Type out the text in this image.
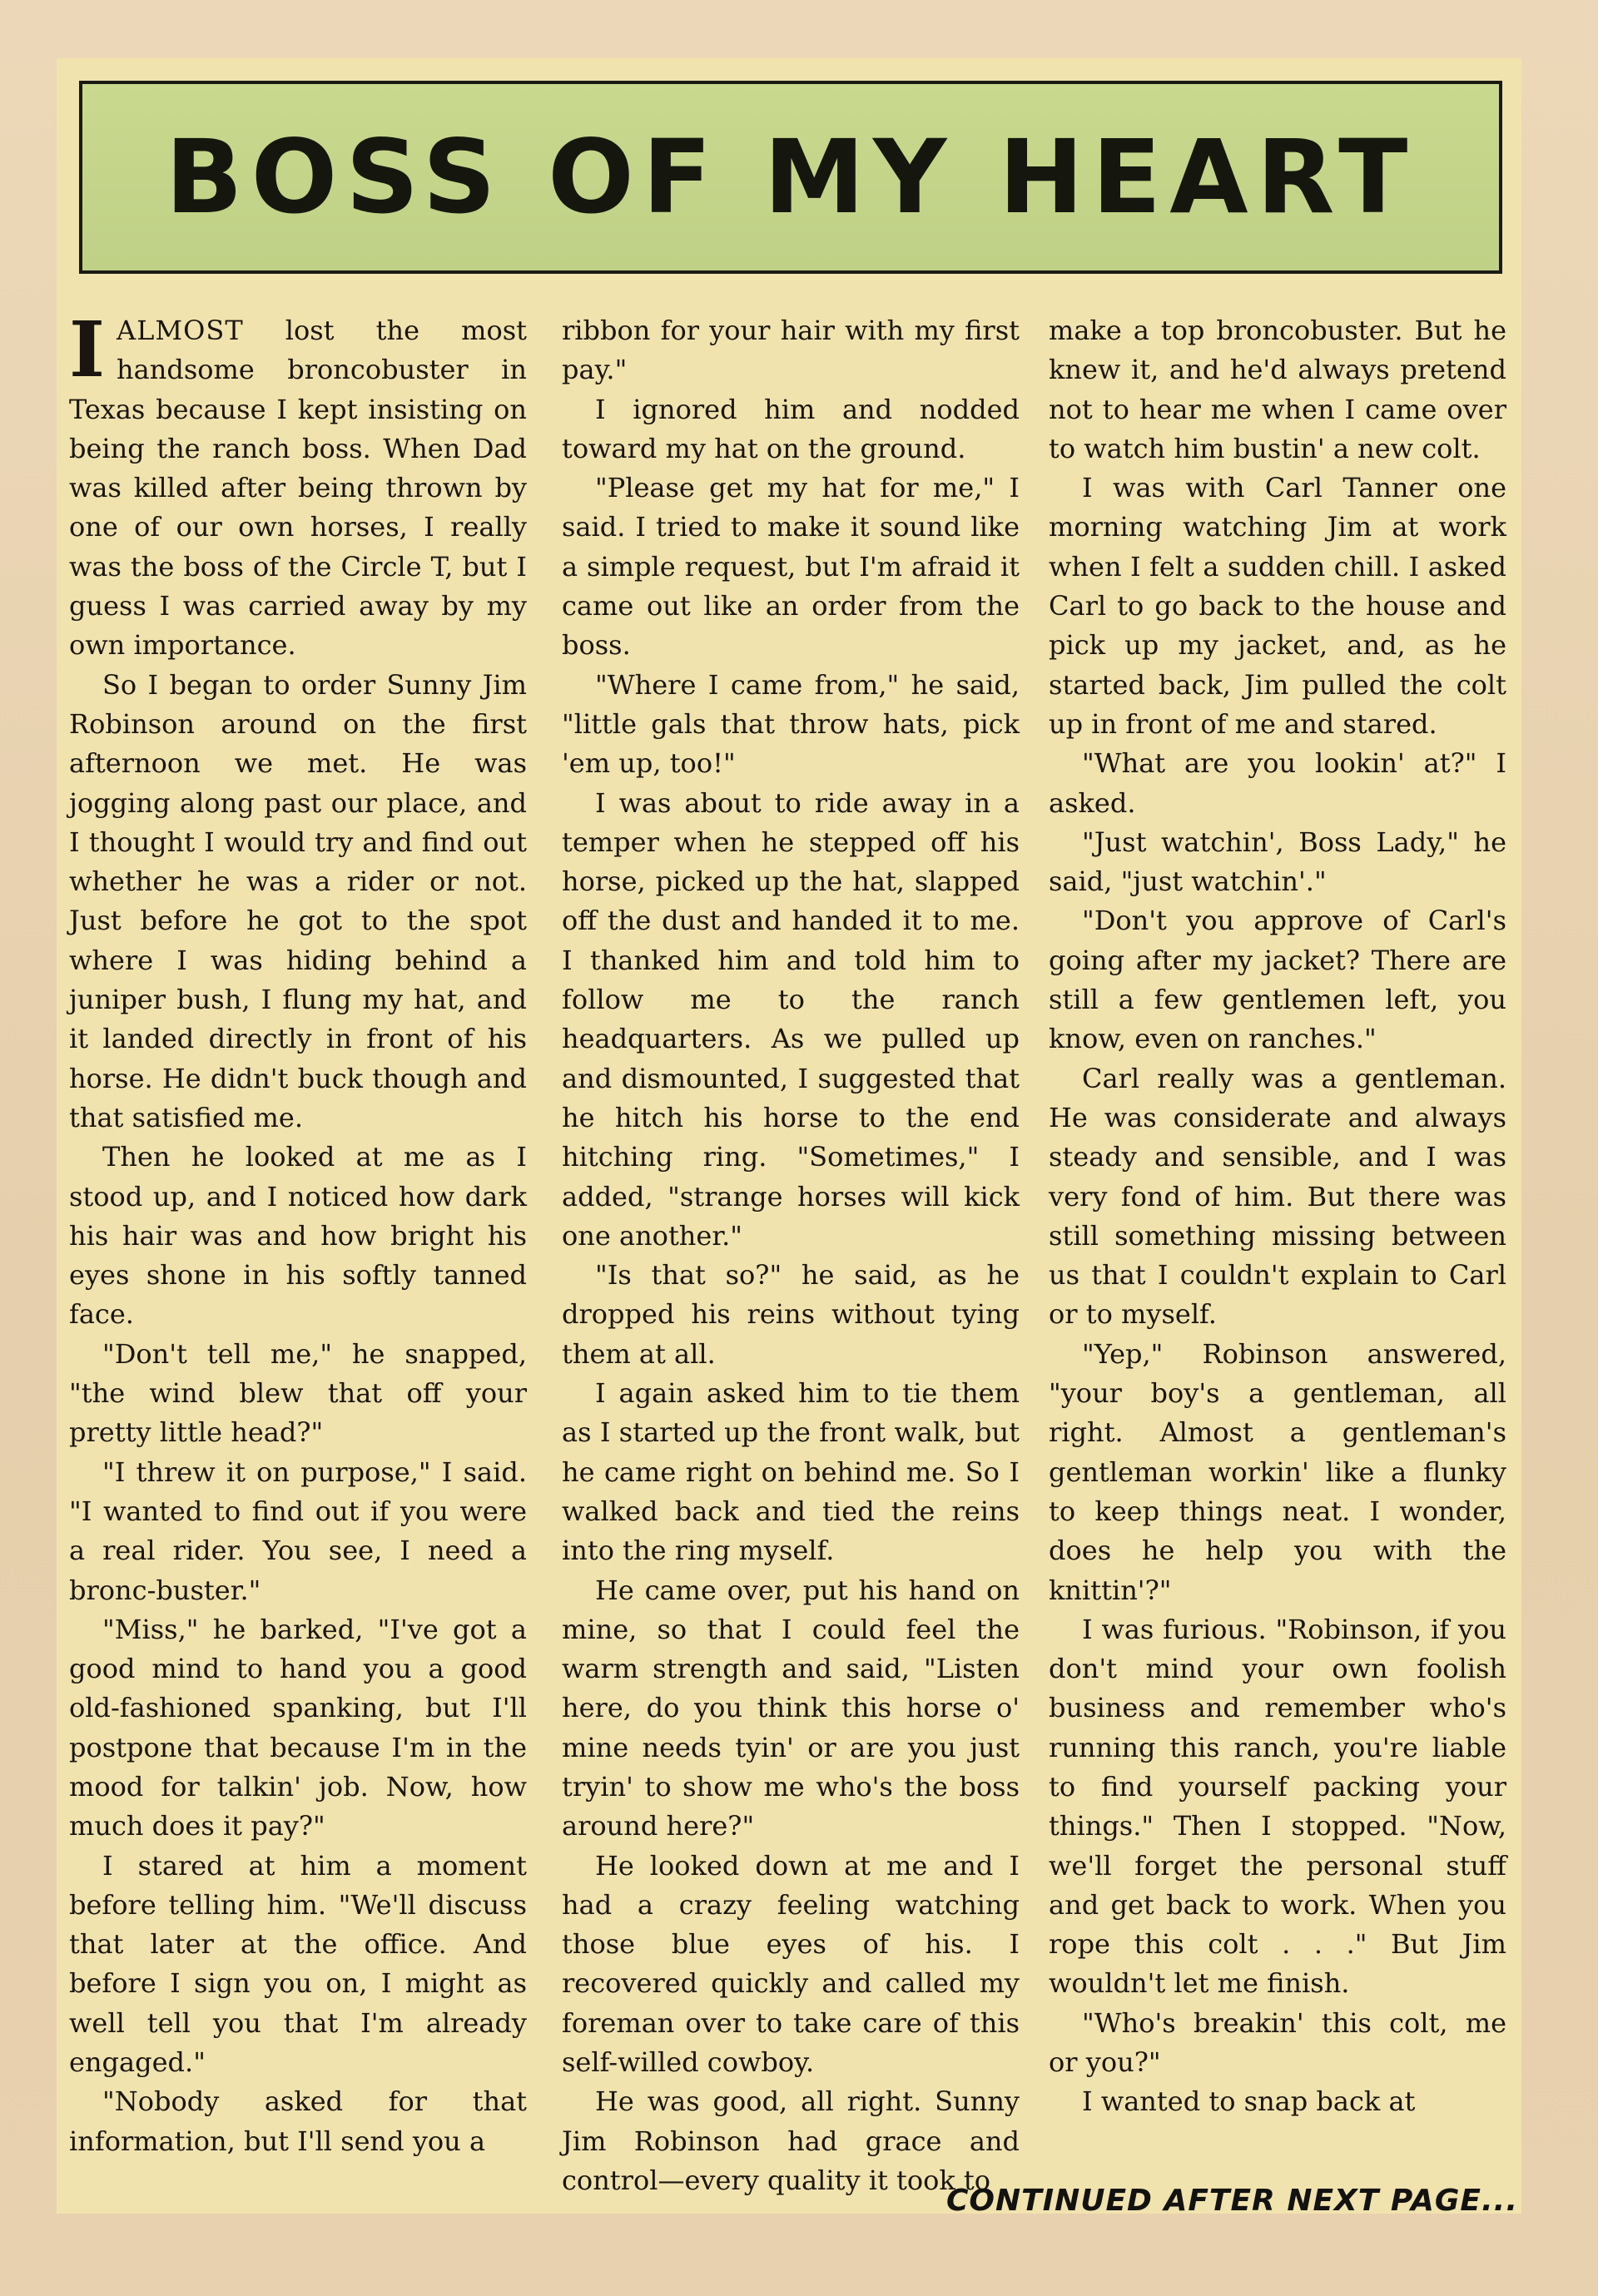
BOSS OF MY HEART

IALMOST lost the most handsome broncobuster in Texas because I kept insisting on being the ranch boss. When Dad was killed after being thrown by one of our own horses, I really was the boss of the Circle T, but I guess I was carried away by my own importance.

So I began to order Sunny Jim Robinson around on the first afternoon we met. He was jogging along past our place, and I thought I would try and find out whether he was a rider or not. Just before he got to the spot where I was hiding behind a juniper bush, I flung my hat, and it landed directly in front of his horse. He didn't buck though and that satisfied me.

Then he looked at me as I stood up, and I noticed how dark his hair was and how bright his eyes shone in his softly tanned face.

"Don't tell me," he snapped, "the wind blew that off your pretty little head?"

"I threw it on purpose," I said. "I wanted to find out if you were a real rider. You see, I need a bronc-buster."

"Miss," he barked, "I've got a good mind to hand you a good old-fashioned spanking, but I'll postpone that because I'm in the mood for talkin' job. Now, how much does it pay?"

I stared at him a moment before telling him. "We'll discuss that later at the office. And before I sign you on, I might as well tell you that I'm already engaged."

"Nobody asked for that information, but I'll send you a

ribbon for your hair with my first pay."

I ignored him and nodded toward my hat on the ground.

"Please get my hat for me," I said. I tried to make it sound like a simple request, but I'm afraid it came out like an order from the boss.

"Where I came from," he said, "little gals that throw hats, pick 'em up, too!"

I was about to ride away in a temper when he stepped off his horse, picked up the hat, slapped off the dust and handed it to me. I thanked him and told him to follow me to the ranch headquarters. As we pulled up and dismounted, I suggested that he hitch his horse to the end hitching ring. "Sometimes," I added, "strange horses will kick one another."

"Is that so?" he said, as he dropped his reins without tying them at all.

I again asked him to tie them as I started up the front walk, but he came right on behind me. So I walked back and tied the reins into the ring myself.

He came over, put his hand on mine, so that I could feel the warm strength and said, "Listen here, do you think this horse o' mine needs tyin' or are you just tryin' to show me who's the boss around here?"

He looked down at me and I had a crazy feeling watching those blue eyes of his. I recovered quickly and called my foreman over to take care of this self-willed cowboy.

He was good, all right. Sunny Jim Robinson had grace and control—every quality it took to

make a top broncobuster. But he knew it, and he'd always pretend not to hear me when I came over to watch him bustin' a new colt.

I was with Carl Tanner one morning watching Jim at work when I felt a sudden chill. I asked Carl to go back to the house and pick up my jacket, and, as he started back, Jim pulled the colt up in front of me and stared.

"What are you lookin' at?" I asked.

"Just watchin', Boss Lady," he said, "just watchin'."

"Don't you approve of Carl's going after my jacket? There are still a few gentlemen left, you know, even on ranches."

Carl really was a gentleman. He was considerate and always steady and sensible, and I was very fond of him. But there was still something missing between us that I couldn't explain to Carl or to myself.

"Yep," Robinson answered, "your boy's a gentleman, all right. Almost a gentleman's gentleman workin' like a flunky to keep things neat. I wonder, does he help you with the knittin'?"

I was furious. "Robinson, if you don't mind your own foolish business and remember who's running this ranch, you're liable to find yourself packing your things." Then I stopped. "Now, we'll forget the personal stuff and get back to work. When you rope this colt . . ." But Jim wouldn't let me finish.

"Who's breakin' this colt, me or you?"

I wanted to snap back at

CONTINUED AFTER NEXT PAGE...
